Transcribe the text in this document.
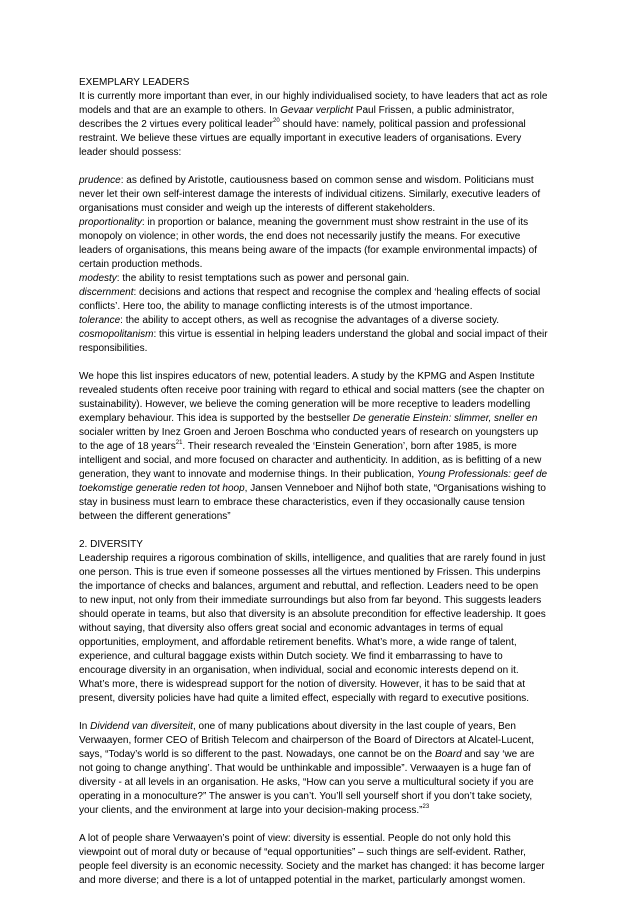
EXEMPLARY LEADERS

It is currently more important than ever, in our highly individualised society, to have leaders that act as role models and that are an example to others. In Gevaar verplicht Paul Frissen, a public administrator, describes the 2 virtues every political leader$^{20}$ should have: namely, political passion and professional restraint. We believe these virtues are equally important in executive leaders of organisations. Every leader should possess:

prudence: as defined by Aristotle, cautiousness based on common sense and wisdom. Politicians must never let their own self-interest damage the interests of individual citizens. Similarly, executive leaders of organisations must consider and weigh up the interests of different stakeholders.

proportionality: in proportion or balance, meaning the government must show restraint in the use of its monopoly on violence; in other words, the end does not necessarily justify the means. For executive leaders of organisations, this means being aware of the impacts (for example environmental impacts) of certain production methods.

modesty: the ability to resist temptations such as power and personal gain.

discernment: decisions and actions that respect and recognise the complex and ‘healing effects of social conflicts’. Here too, the ability to manage conflicting interests is of the utmost importance.

tolerance: the ability to accept others, as well as recognise the advantages of a diverse society.

cosmopolitanism: this virtue is essential in helping leaders understand the global and social impact of their responsibilities.

We hope this list inspires educators of new, potential leaders. A study by the KPMG and Aspen Institute revealed students often receive poor training with regard to ethical and social matters (see the chapter on sustainability). However, we believe the coming generation will be more receptive to leaders modelling exemplary behaviour. This idea is supported by the bestseller De generatie Einstein: slimmer, sneller en socialer written by Inez Groen and Jeroen Boschma who conducted years of research on youngsters up to the age of 18 years$^{21}$. Their research revealed the ‘Einstein Generation’, born after 1985, is more intelligent and social, and more focused on character and authenticity. In addition, as is befitting of a new generation, they want to innovate and modernise things. In their publication, Young Professionals: geef de toekomstige generatie reden tot hoop, Jansen Venneboer and Nijhof both state, “Organisations wishing to stay in business must learn to embrace these characteristics, even if they occasionally cause tension between the different generations”

2. DIVERSITY

Leadership requires a rigorous combination of skills, intelligence, and qualities that are rarely found in just one person. This is true even if someone possesses all the virtues mentioned by Frissen. This underpins the importance of checks and balances, argument and rebuttal, and reflection. Leaders need to be open to new input, not only from their immediate surroundings but also from far beyond. This suggests leaders should operate in teams, but also that diversity is an absolute precondition for effective leadership. It goes without saying, that diversity also offers great social and economic advantages in terms of equal opportunities, employment, and affordable retirement benefits. What’s more, a wide range of talent, experience, and cultural baggage exists within Dutch society. We find it embarrassing to have to encourage diversity in an organisation, when individual, social and economic interests depend on it. What’s more, there is widespread support for the notion of diversity. However, it has to be said that at present, diversity policies have had quite a limited effect, especially with regard to executive positions.

In Dividend van diversiteit, one of many publications about diversity in the last couple of years, Ben Verwaayen, former CEO of British Telecom and chairperson of the Board of Directors at Alcatel-Lucent, says, “Today’s world is so different to the past. Nowadays, one cannot be on the Board and say ‘we are not going to change anything’. That would be unthinkable and impossible”. Verwaayen is a huge fan of diversity - at all levels in an organisation. He asks, “How can you serve a multicultural society if you are operating in a monoculture?” The answer is you can’t. You’ll sell yourself short if you don’t take society, your clients, and the environment at large into your decision-making process.”$^{23}$

A lot of people share Verwaayen’s point of view: diversity is essential. People do not only hold this viewpoint out of moral duty or because of “equal opportunities” – such things are self-evident. Rather, people feel diversity is an economic necessity. Society and the market has changed: it has become larger and more diverse; and there is a lot of untapped potential in the market, particularly amongst women.
